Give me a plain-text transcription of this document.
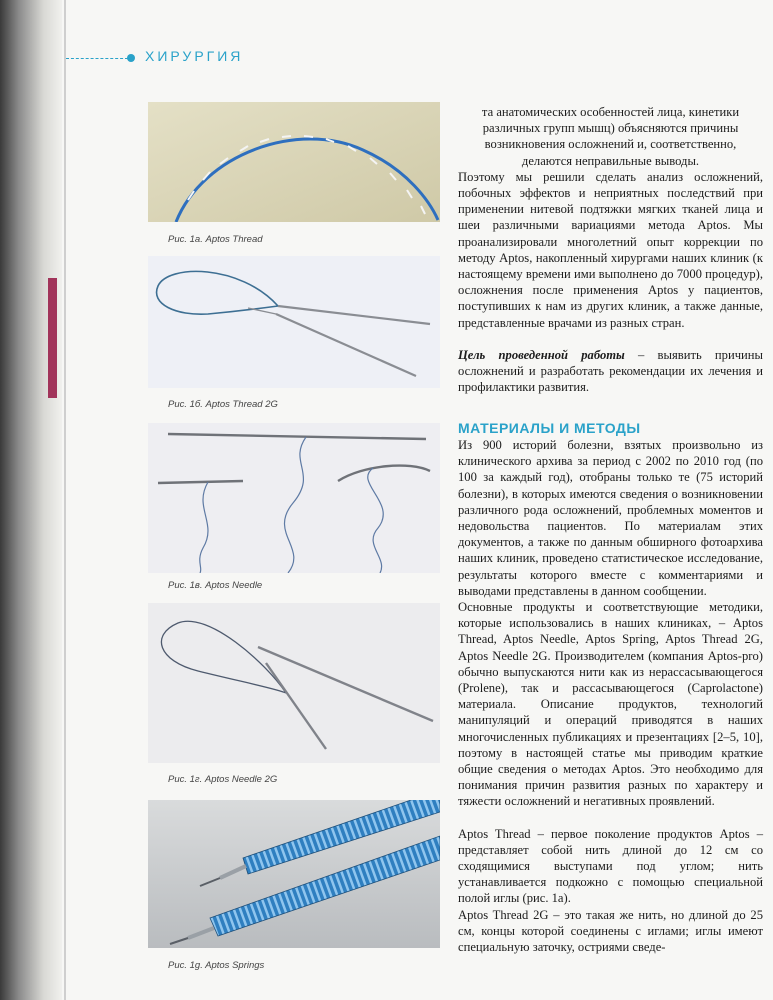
ХИРУРГИЯ
Рис. 1а. Aptos Thread
Рис. 1б. Aptos Thread 2G
Рис. 1в. Aptos Needle
Рис. 1г. Aptos Needle 2G
Рис. 1g. Aptos Springs

та анатомических особенностей лица, кинетики

различных групп мышц) объясняются причины

возникновения осложнений и, соответственно,

делаются неправильные выводы.

Поэтому мы решили сделать анализ осложнений, побочных эффектов и неприятных последствий при применении нитевой подтяжки мягких тканей лица и шеи различными вариациями метода Aptos. Мы проанализировали многолетний опыт коррекции по методу Aptos, накопленный хирургами наших клиник (к настоящему времени ими выполнено до 7000 процедур), осложнения после применения Aptos у пациентов, поступивших к нам из других клиник, а также данные, представленные врачами из разных стран.

Цель проведенной работы – выявить причины осложнений и разработать рекомендации их лечения и профилактики развития.

МАТЕРИАЛЫ И МЕТОДЫ

Из 900 историй болезни, взятых произвольно из клинического архива за период с 2002 по 2010 год (по 100 за каждый год), отобраны только те (75 историй болезни), в которых имеются сведения о возникновении различного рода осложнений, проблемных моментов и недовольства пациентов. По материалам этих документов, а также по данным обширного фотоархива наших клиник, проведено статистическое исследование, результаты которого вместе с комментариями и выводами представлены в данном сообщении.

Основные продукты и соответствующие методики, которые использовались в наших клиниках, – Aptos Thread, Aptos Needle, Aptos Spring, Aptos Thread 2G, Aptos Needle 2G. Производителем (компания Aptos-pro) обычно выпускаются нити как из нерассасывающегося (Prolene), так и рассасывающегося (Caprolactone) материала. Описание продуктов, технологий манипуляций и операций приводятся в наших многочисленных публикациях и презентациях [2–5, 10], поэтому в настоящей статье мы приводим краткие общие сведения о методах Aptos. Это необходимо для понимания причин развития разных по характеру и тяжести осложнений и негативных проявлений.

Aptos Thread – первое поколение продуктов Aptos – представляет собой нить длиной до 12 см со сходящимися выступами под углом; нить устанавливается подкожно с помощью специальной полой иглы (рис. 1а).

Aptos Thread 2G – это такая же нить, но длиной до 25 см, концы которой соединены с иглами; иглы имеют специальную заточку, остриями сведе-
